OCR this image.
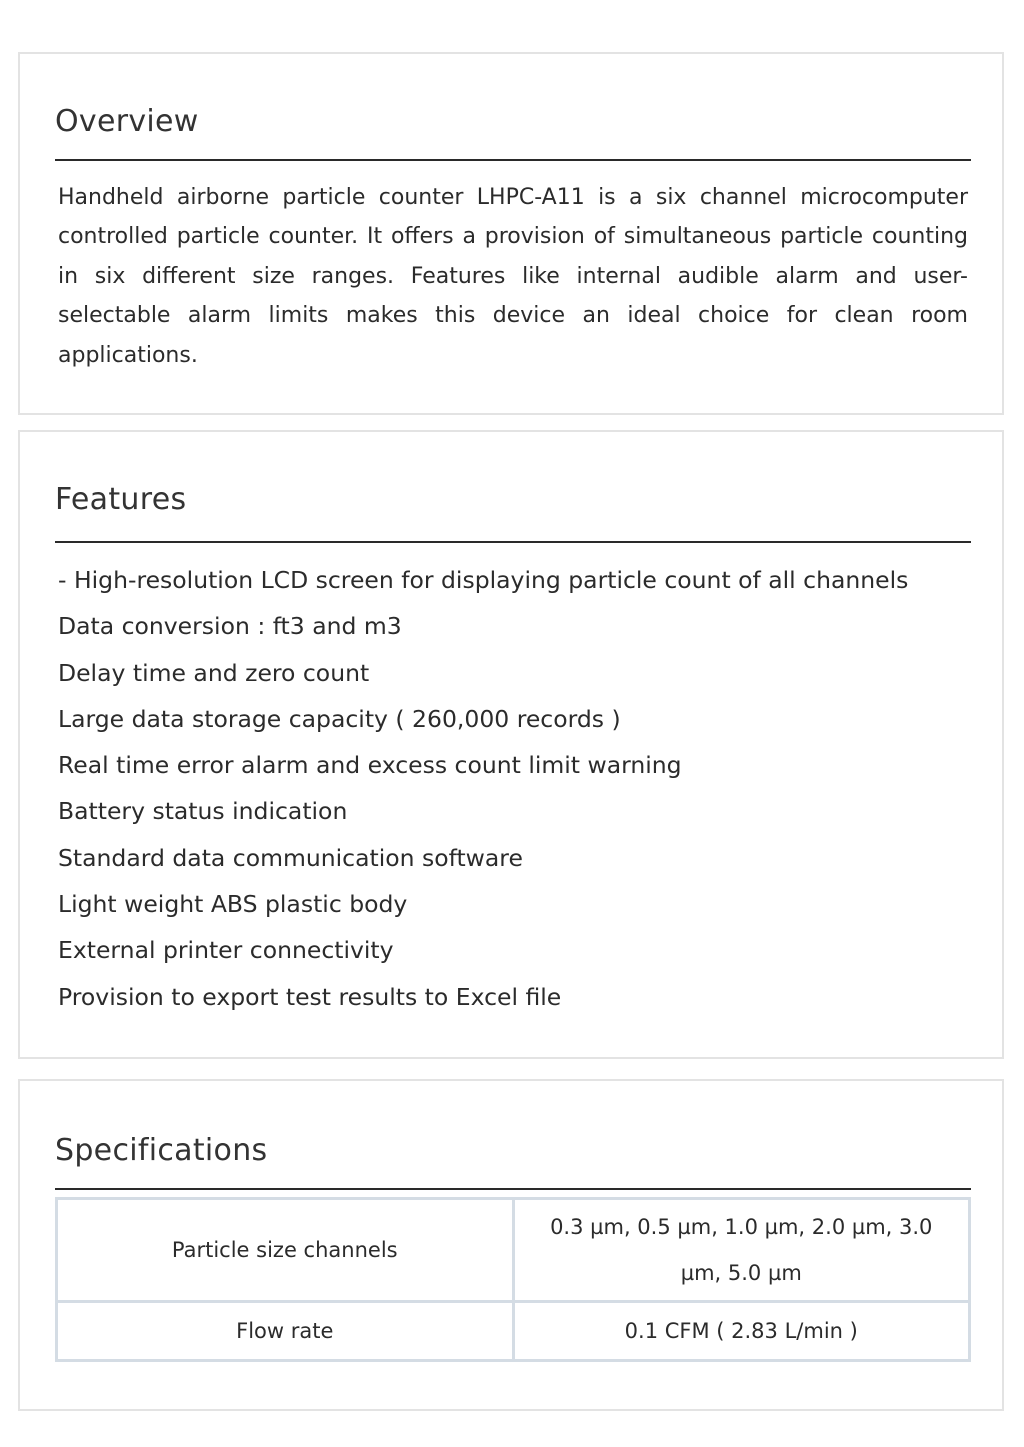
Overview

Handheld airborne particle counter LHPC-A11 is a six channel microcomputer controlled particle counter. It offers a provision of simultaneous particle counting in six different size ranges. Features like internal audible alarm and user-selectable alarm limits makes this device an ideal choice for clean room applications.

Features
- High-resolution LCD screen for displaying particle count of all channels
Data conversion : ft3 and m3
Delay time and zero count
Large data storage capacity ( 260,000 records )
Real time error alarm and excess count limit warning
Battery status indication
Standard data communication software
Light weight ABS plastic body
External printer connectivity
Provision to export test results to Excel file
Specifications
Particle size channels	0.3 µm, 0.5 µm, 1.0 µm, 2.0 µm, 3.0 µm, 5.0 µm
Flow rate	0.1 CFM ( 2.83 L/min )
